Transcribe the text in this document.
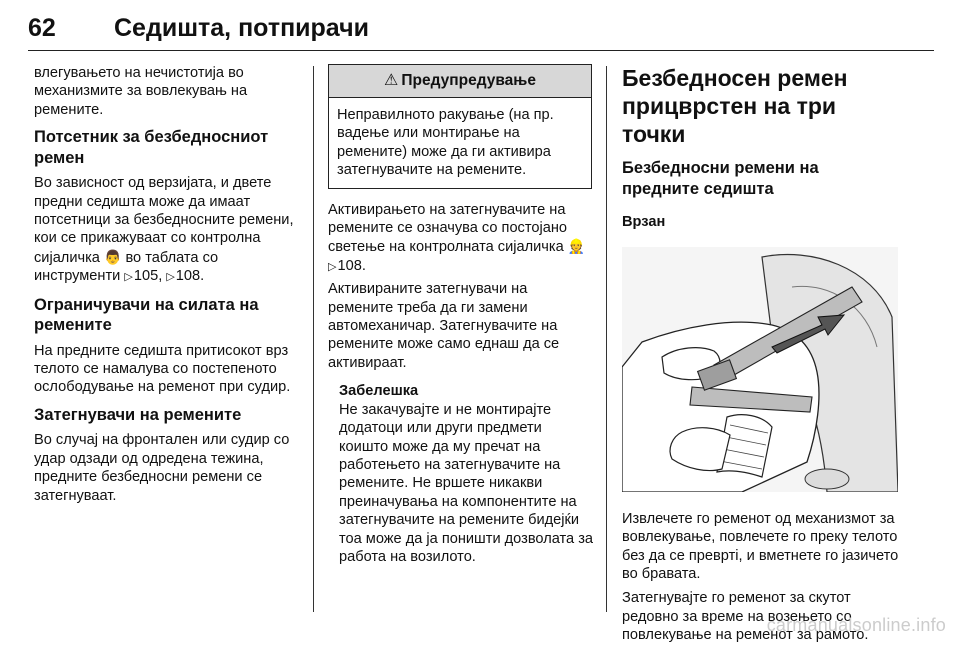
62 Седишта, потпирачи

влегувањето на нечистотија во механизмите за вовлекувањ на ремените.

Потсетник за безбедносниот ремен

Во зависност од верзијата, и двете предни седишта може да имаат потсетници за безбедносните ремени, кои се прикажуваат со контролна сијаличка 👨 во таблата со инструменти ▷105, ▷108.

Ограничувачи на силата на ремените

На предните седишта притисокот врз телото се намалува со постепеното ослободување на ременот при судир.

Затегнувачи на ремените

Во случај на фронтален или судир со удар одзади од одредена тежина, предните безбедносни ремени се затегнуваат.

⚠ Предупредување
Неправилното ракување (на пр. вадење или монтирање на ремените) може да ги активира затегнувачите на ремените.

Активирањето на затегнувачите на ремените се означува со постојано светење на контролната сијаличка 👷 ▷108.

Активираните затегнувачи на ремените треба да ги замени автомеханичар. Затегнувачите на ремените може само еднаш да се активираат.

Забелешка

Не закачувајте и не монтирајте додатоци или други предмети коишто може да му пречат на работењето на затегнувачите на ремените. Не вршете никакви преиначувања на компонентите на затегнувачите на ремените бидејќи тоа може да ја поништи дозволата за работа на возилото.

Безбедносен ремен прицврстен на три точки
Безбедносни ремени на предните седишта
Врзан

Извлечете го ременот од механизмот за вовлекување, повлечете го преку телото без да се превртi, и вметнете го јазичето во бравата.

Затегнувајте го ременот за скутот редовно за време на возењето со повлекување на ременот за рамото.

carmanualsonline.info
